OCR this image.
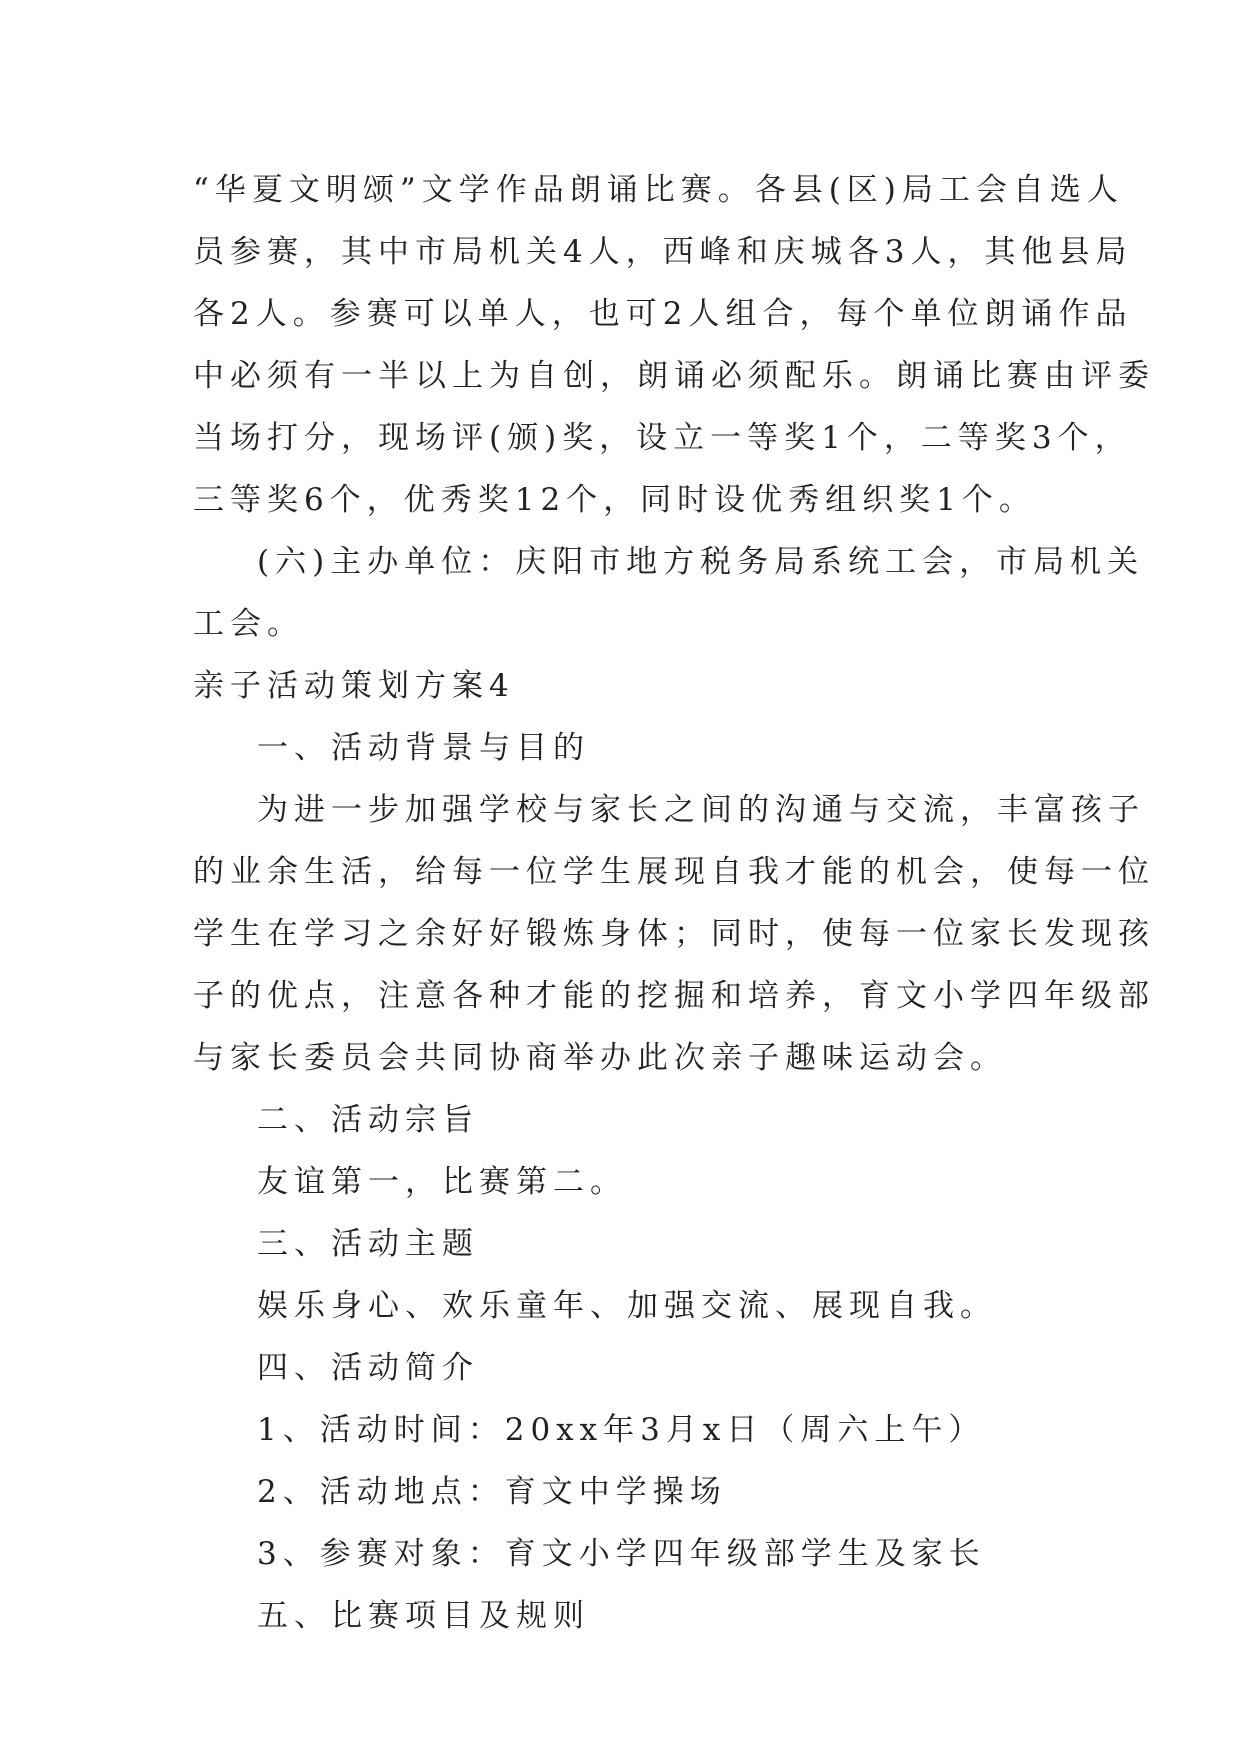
“华夏文明颂”文学作品朗诵比赛。各县(区)局工会自选人
员参赛，其中市局机关4人，西峰和庆城各3人，其他县局
各2人。参赛可以单人，也可2人组合，每个单位朗诵作品
中必须有一半以上为自创，朗诵必须配乐。朗诵比赛由评委
当场打分，现场评(颁)奖，设立一等奖1个，二等奖3个，
三等奖6个，优秀奖12个，同时设优秀组织奖1个。
(六)主办单位：庆阳市地方税务局系统工会，市局机关
工会。
亲子活动策划方案4
一、活动背景与目的
为进一步加强学校与家长之间的沟通与交流，丰富孩子
的业余生活，给每一位学生展现自我才能的机会，使每一位
学生在学习之余好好锻炼身体；同时，使每一位家长发现孩
子的优点，注意各种才能的挖掘和培养，育文小学四年级部
与家长委员会共同协商举办此次亲子趣味运动会。
二、活动宗旨
友谊第一，比赛第二。
三、活动主题
娱乐身心、欢乐童年、加强交流、展现自我。
四、活动简介
1、活动时间：20xx年3月x日（周六上午）
2、活动地点：育文中学操场
3、参赛对象：育文小学四年级部学生及家长
五、比赛项目及规则
